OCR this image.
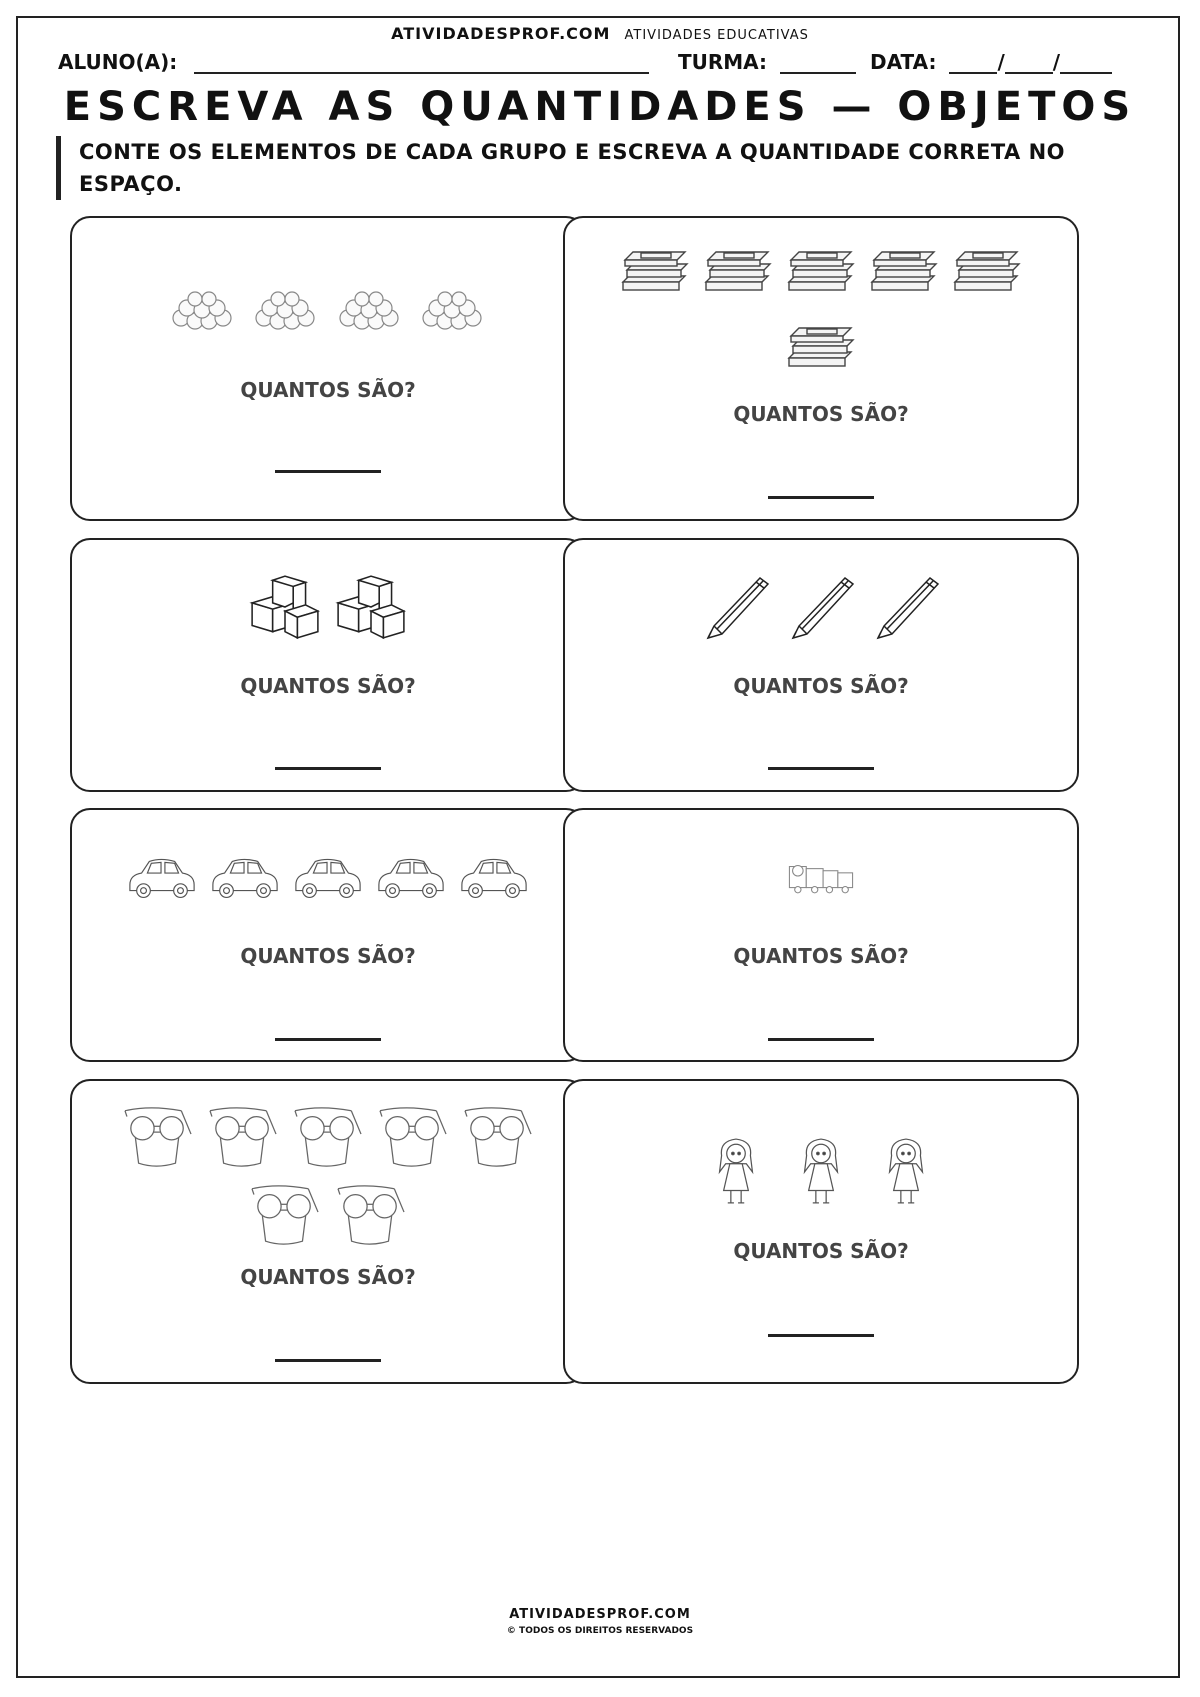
ATIVIDADESPROF.COM ATIVIDADES EDUCATIVAS
ALUNO(A):	TURMA:	DATA:	/ /
ESCREVA AS QUANTIDADES — OBJETOS
CONTE OS ELEMENTOS DE CADA GRUPO E ESCREVA A QUANTIDADE CORRETA NO ESPAÇO.

QUANTOS SÃO?

QUANTOS SÃO?

QUANTOS SÃO?
	QUANTOS SÃO?

QUANTOS SÃO?	QUANTOS SÃO?

QUANTOS SÃO?

QUANTOS SÃO?
ATIVIDADESPROF.COM
© TODOS OS DIREITOS RESERVADOS
